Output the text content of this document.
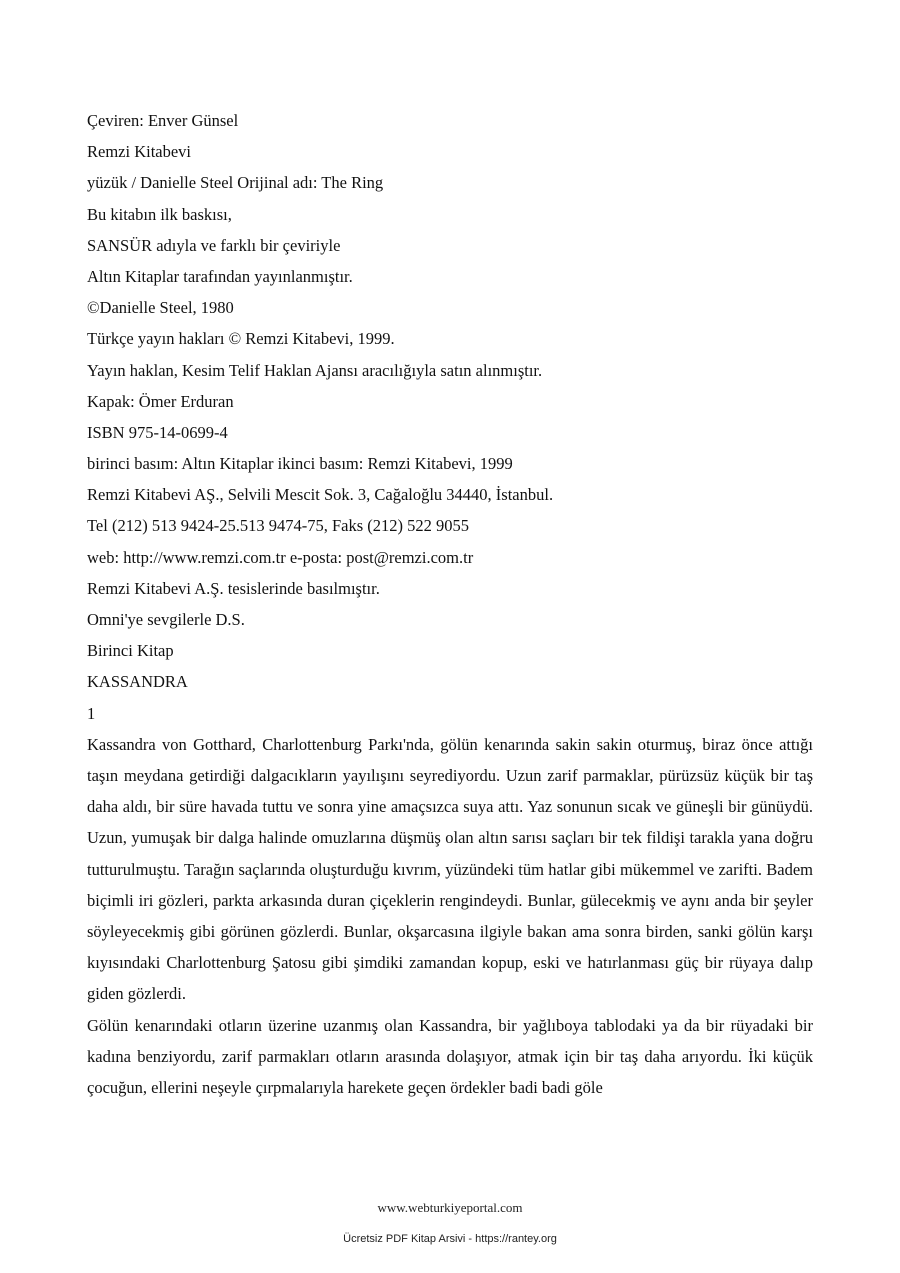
Çeviren: Enver Günsel
Remzi Kitabevi
yüzük / Danielle Steel Orijinal adı: The Ring
Bu kitabın ilk baskısı,
SANSÜR adıyla ve farklı bir çeviriyle
Altın Kitaplar tarafından yayınlanmıştır.
©Danielle Steel, 1980
Türkçe yayın hakları © Remzi Kitabevi, 1999.
Yayın haklan, Kesim Telif Haklan Ajansı aracılığıyla satın alınmıştır.
Kapak: Ömer Erduran
ISBN 975-14-0699-4
birinci basım: Altın Kitaplar ikinci basım: Remzi Kitabevi, 1999
Remzi Kitabevi AŞ., Selvili Mescit Sok. 3, Cağaloğlu 34440, İstanbul.
Tel (212) 513 9424-25.513 9474-75, Faks (212) 522 9055
web: http://www.remzi.com.tr e-posta: post@remzi.com.tr
Remzi Kitabevi A.Ş. tesislerinde basılmıştır.
Omni'ye sevgilerle D.S.
Birinci Kitap
KASSANDRA
1

Kassandra von Gotthard, Charlottenburg Parkı'nda, gölün kenarında sakin sakin oturmuş, biraz önce attığı taşın meydana getirdiği dalgacıkların yayılışını seyrediyordu. Uzun zarif parmaklar, pürüzsüz küçük bir taş daha aldı, bir süre havada tuttu ve sonra yine amaçsızca suya attı. Yaz sonunun sıcak ve güneşli bir günüydü. Uzun, yumuşak bir dalga halinde omuzlarına düşmüş olan altın sarısı saçları bir tek fildişi tarakla yana doğru tutturulmuştu. Tarağın saçlarında oluşturduğu kıvrım, yüzündeki tüm hatlar gibi mükemmel ve zarifti. Badem biçimli iri gözleri, parkta arkasında duran çiçeklerin rengindeydi. Bunlar, gülecekmiş ve aynı anda bir şeyler söyleyecekmiş gibi görünen gözlerdi. Bunlar, okşarcasına ilgiyle bakan ama sonra birden, sanki gölün karşı kıyısındaki Charlottenburg Şatosu gibi şimdiki zamandan kopup, eski ve hatırlanması güç bir rüyaya dalıp giden gözlerdi.

Gölün kenarındaki otların üzerine uzanmış olan Kassandra, bir yağlıboya tablodaki ya da bir rüyadaki bir kadına benziyordu, zarif parmakları otların arasında dolaşıyor, atmak için bir taş daha arıyordu. İki küçük çocuğun, ellerini neşeyle çırpmalarıyla harekete geçen ördekler badi badi göle

www.webturkiyeportal.com
Ücretsiz PDF Kitap Arsivi - https://rantey.org
